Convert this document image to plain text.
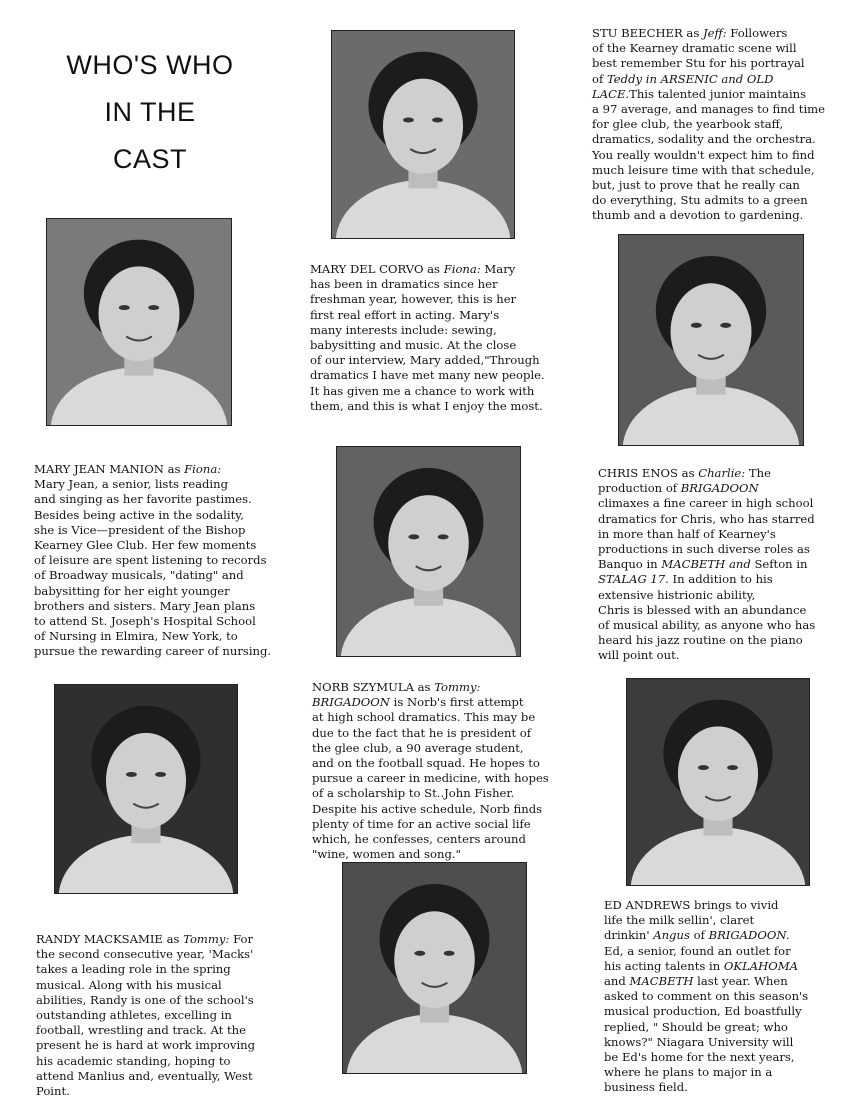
WHO'S WHO
IN THE
CAST
STU BEECHER as Jeff: Followers
of the Kearney dramatic scene will
best remember Stu for his portrayal
of Teddy in ARSENIC and OLD
LACE.This talented junior maintains
a 97 average, and manages to find time
for glee club, the yearbook staff,
dramatics, sodality and the orchestra.
You really wouldn't expect him to find
much leisure time with that schedule,
but, just to prove that he really can
do everything, Stu admits to a green
thumb and a devotion to gardening.
MARY DEL CORVO as Fiona: Mary
has been in dramatics since her
freshman year, however, this is her
first real effort in acting. Mary's
many interests include: sewing,
babysitting and music. At the close
of our interview, Mary added,"Through
dramatics I have met many new people.
It has given me a chance to work with
them, and this is what I enjoy the most.
MARY JEAN MANION as Fiona:
Mary Jean, a senior, lists reading
and singing as her favorite pastimes.
Besides being active in the sodality,
she is Vice—president of the Bishop
Kearney Glee Club. Her few moments
of leisure are spent listening to records
of Broadway musicals, "dating" and
babysitting for her eight younger
brothers and sisters. Mary Jean plans
to attend St. Joseph's Hospital School
of Nursing in Elmira, New York, to
pursue the rewarding career of nursing.
CHRIS ENOS as Charlie: The
production of BRIGADOON
climaxes a fine career in high school
dramatics for Chris, who has starred
in more than half of Kearney's
productions in such diverse roles as
Banquo in MACBETH and Sefton in
STALAG 17. In addition to his
extensive histrionic ability,
Chris is blessed with an abundance
of musical ability, as anyone who has
heard his jazz routine on the piano
will point out.
NORB SZYMULA as Tommy:
BRIGADOON is Norb's first attempt
at high school dramatics. This may be
due to the fact that he is president of
the glee club, a 90 average student,
and on the football squad. He hopes to
pursue a career in medicine, with hopes
of a scholarship to St..John Fisher.
Despite his active schedule, Norb finds
plenty of time for an active social life
which, he confesses, centers around
"wine, women and song."
RANDY MACKSAMIE as Tommy: For
the second consecutive year, 'Macks'
takes a leading role in the spring
musical. Along with his musical
abilities, Randy is one of the school's
outstanding athletes, excelling in
football, wrestling and track. At the
present he is hard at work improving
his academic standing, hoping to
attend Manlius and, eventually, West
Point.
ED ANDREWS brings to vivid
life the milk sellin', claret
drinkin' Angus of BRIGADOON.
Ed, a senior, found an outlet for
his acting talents in OKLAHOMA
and MACBETH last year. When
asked to comment on this season's
musical production, Ed boastfully
replied, " Should be great; who
knows?" Niagara University will
be Ed's home for the next years,
where he plans to major in a
business field.
